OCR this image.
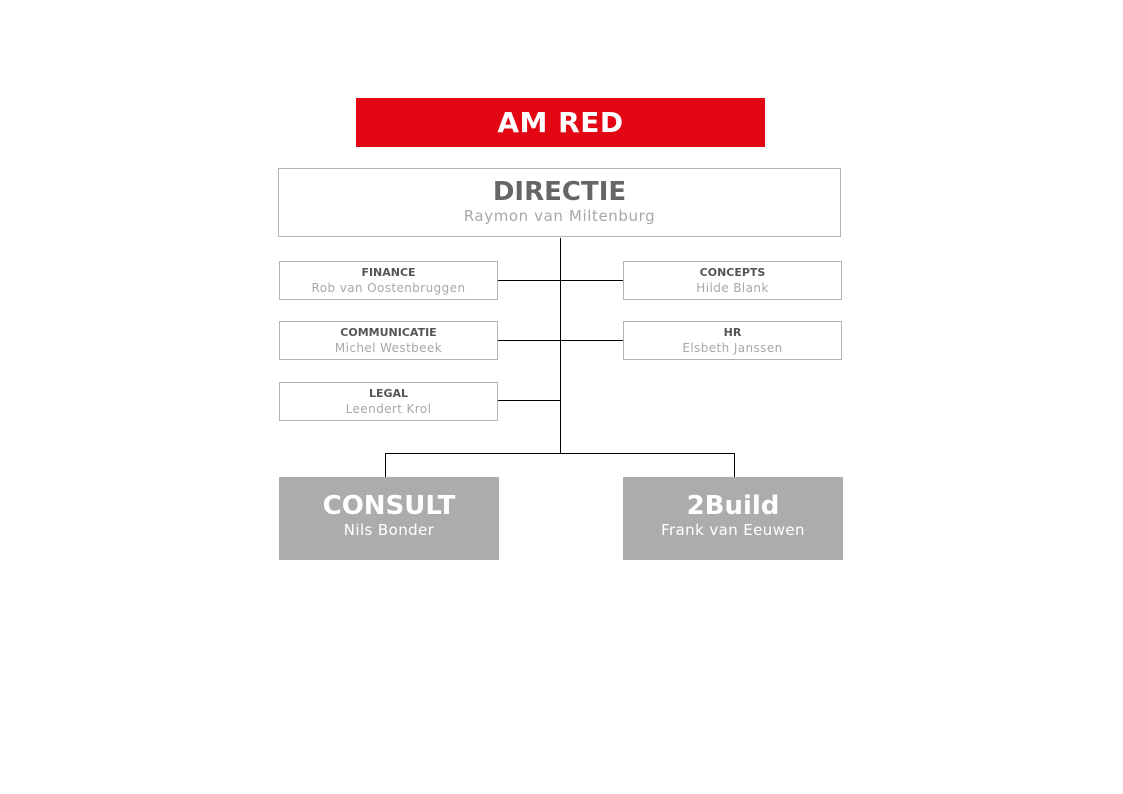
AM RED
DIRECTIE
Raymon van Miltenburg
FINANCE
Rob van Oostenbruggen
CONCEPTS
Hilde Blank
COMMUNICATIE
Michel Westbeek
HR
Elsbeth Janssen
LEGAL
Leendert Krol
CONSULT
Nils Bonder
2Build
Frank van Eeuwen
